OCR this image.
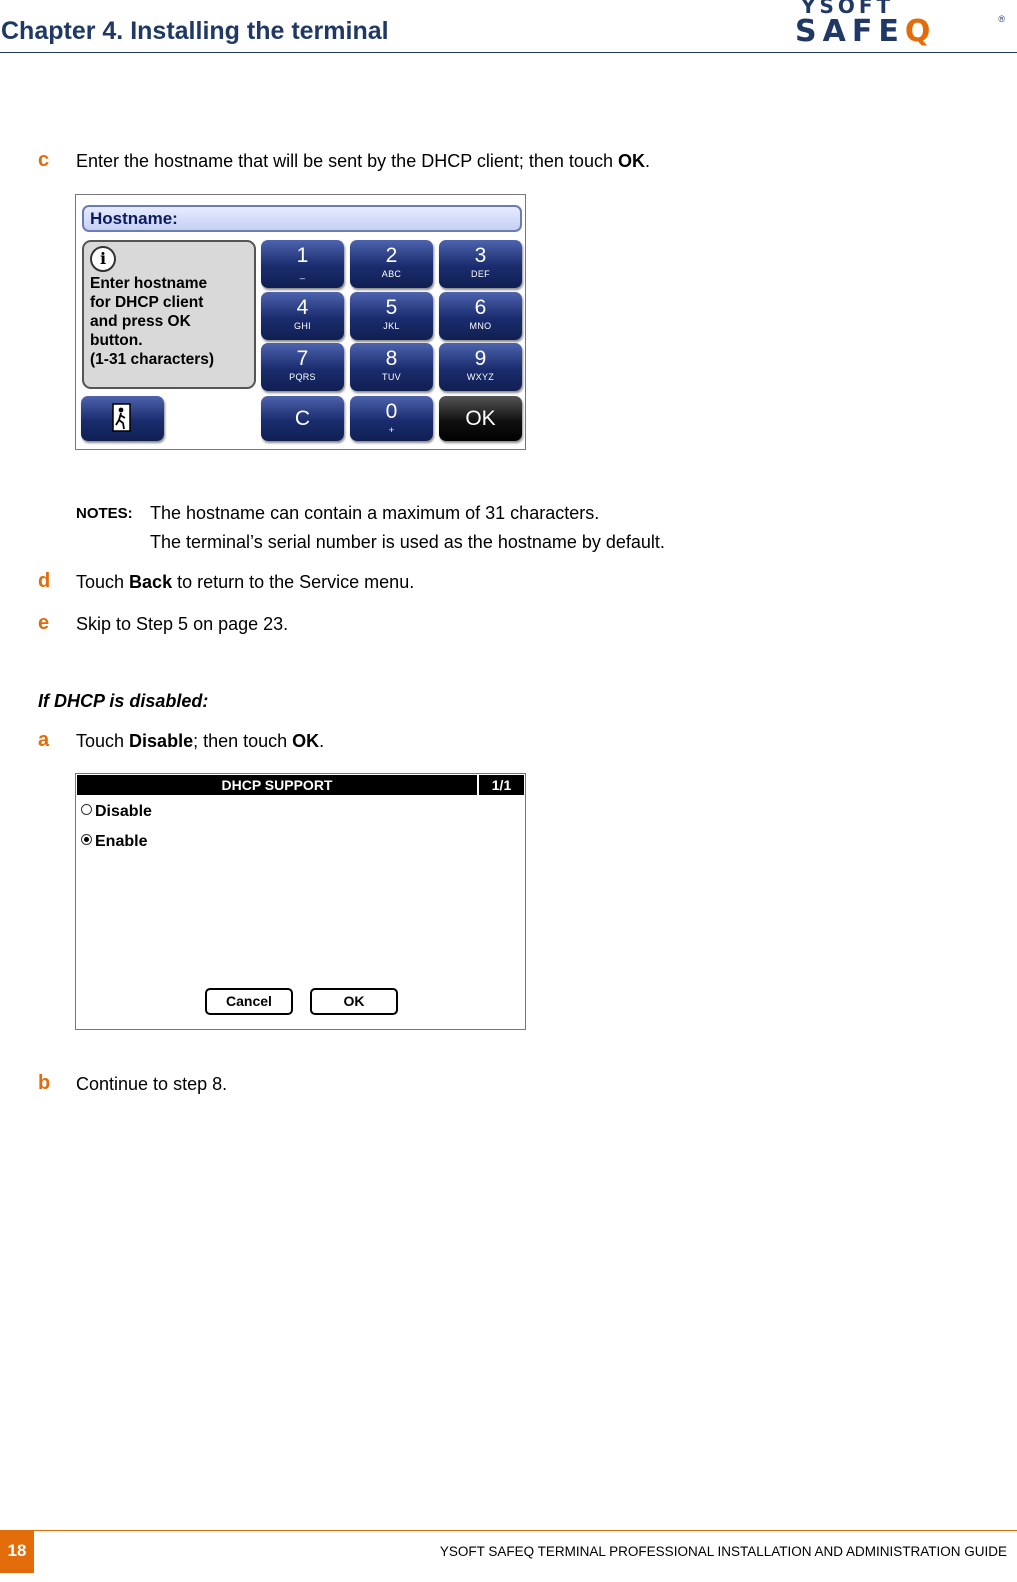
Chapter 4. Installing the terminal
YSOFT
SAFEQ	®
c Enter the hostname that will be sent by the DHCP client; then touch OK.
Hostname:
i
Enter hostname
for DHCP client
and press OK
button.
(1-31 characters)
1
_
2
ABC
3
DEF
4
GHI
5
JKL
6
MNO
7
PQRS
8
TUV
9
WXYZ
C	0
+	OK
NOTES: The hostname can contain a maximum of 31 characters.
The terminal’s serial number is used as the hostname by default.
d Touch Back to return to the Service menu.
e Skip to Step 5 on page 23.
If DHCP is disabled:
a Touch Disable; then touch OK.
DHCP SUPPORT	1/1
Disable
Enable
Cancel	OK
b Continue to step 8.
18	YSOFT SAFEQ TERMINAL PROFESSIONAL INSTALLATION AND ADMINISTRATION GUIDE
